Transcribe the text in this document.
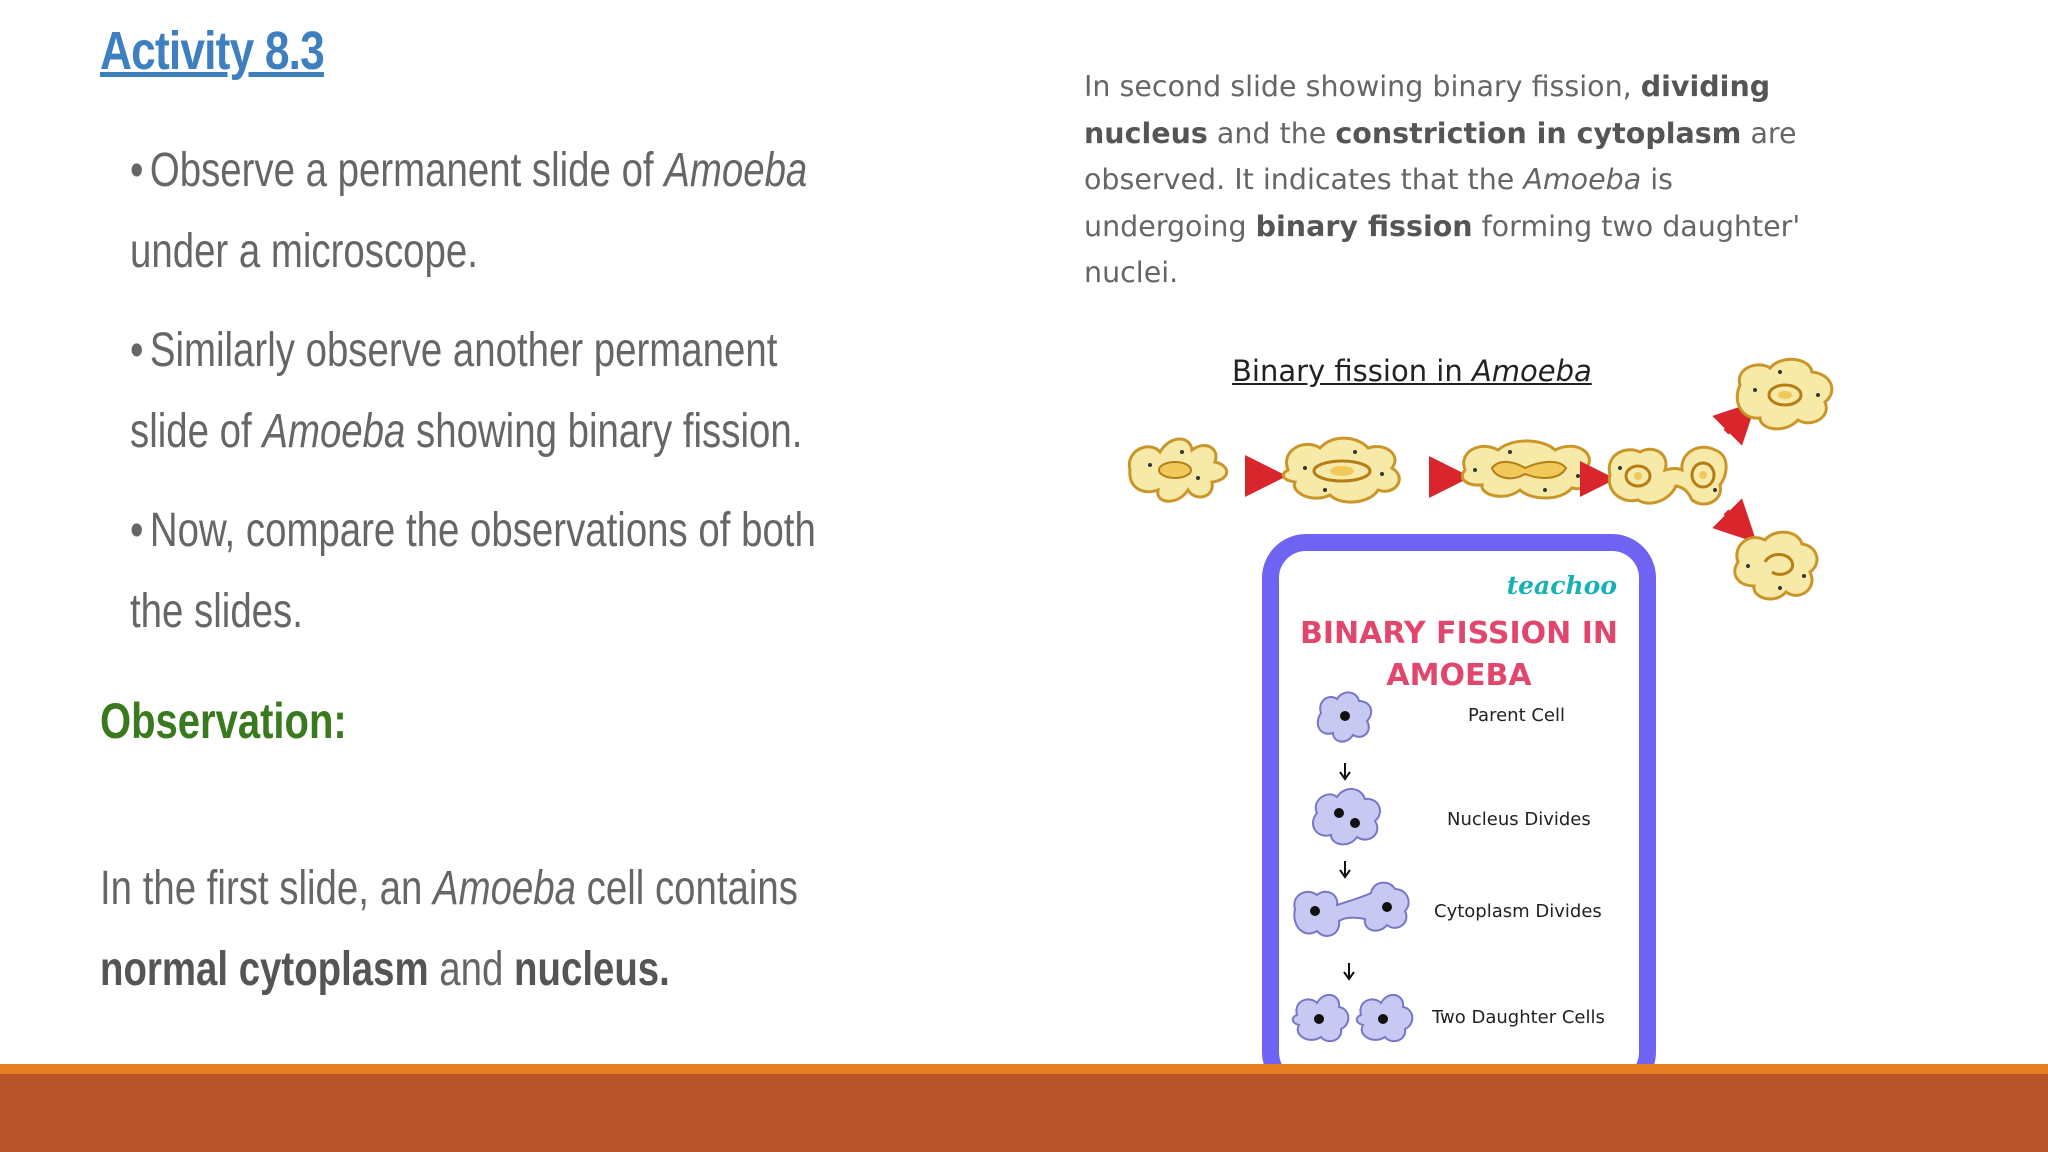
Activity 8.3
• Observe a permanent slide of Amoeba under a microscope.
• Similarly observe another permanent slide of Amoeba showing binary fission.
• Now, compare the observations of both the slides.
Observation:

In the first slide, an Amoeba cell contains normal cytoplasm and nucleus.

In second slide showing binary fission, dividing nucleus and the constriction in cytoplasm are observed. It indicates that the Amoeba is undergoing binary fission forming two daughter' nuclei.

Binary fission in Amoeba

teachoo

BINARY FISSION IN
AMOEBA

Parent Cell

Nucleus Divides

Cytoplasm Divides

Two Daughter Cells
